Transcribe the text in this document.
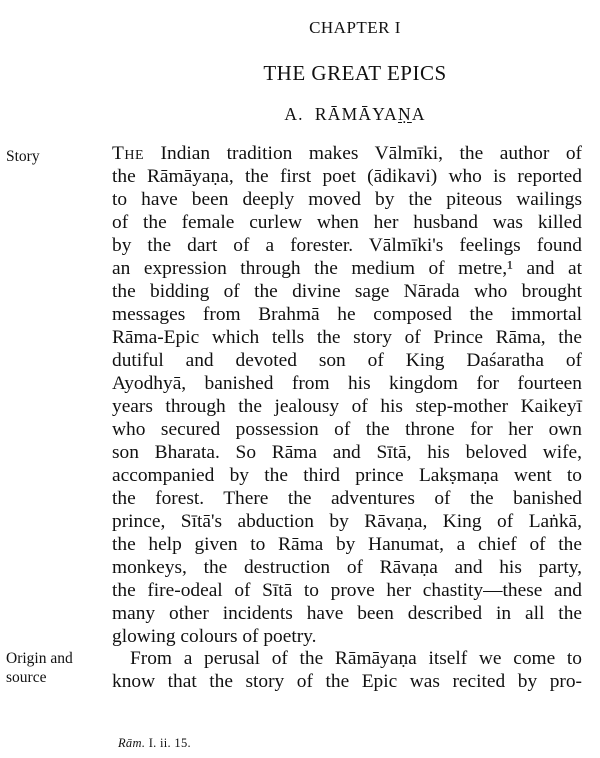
CHAPTER I
THE GREAT EPICS
A. RĀMĀYAṆA
Story	The Indian tradition makes Vālmīki, the author of
the Rāmāyaṇa, the first poet (ādikavi) who is reported
to have been deeply moved by the piteous wailings
of the female curlew when her husband was killed
by the dart of a forester. Vālmīki's feelings found
an expression through the medium of metre,¹ and at
the bidding of the divine sage Nārada who brought
messages from Brahmā he composed the immortal
Rāma-Epic which tells the story of Prince Rāma, the
dutiful and devoted son of King Daśaratha of
Ayodhyā, banished from his kingdom for fourteen
years through the jealousy of his step-mother Kaikeyī
who secured possession of the throne for her own
son Bharata. So Rāma and Sītā, his beloved wife,
accompanied by the third prince Lakṣmaṇa went to
the forest. There the adventures of the banished
prince, Sītā's abduction by Rāvaṇa, King of Laṅkā,
the help given to Rāma by Hanumat, a chief of the
monkeys, the destruction of Rāvaṇa and his party,
the fire-odeal of Sītā to prove her chastity—these and
many other incidents have been described in all the
glowing colours of poetry.
Origin and
source
From a perusal of the Rāmāyaṇa itself we come to
know that the story of the Epic was recited by pro-
Rām. I. ii. 15.
